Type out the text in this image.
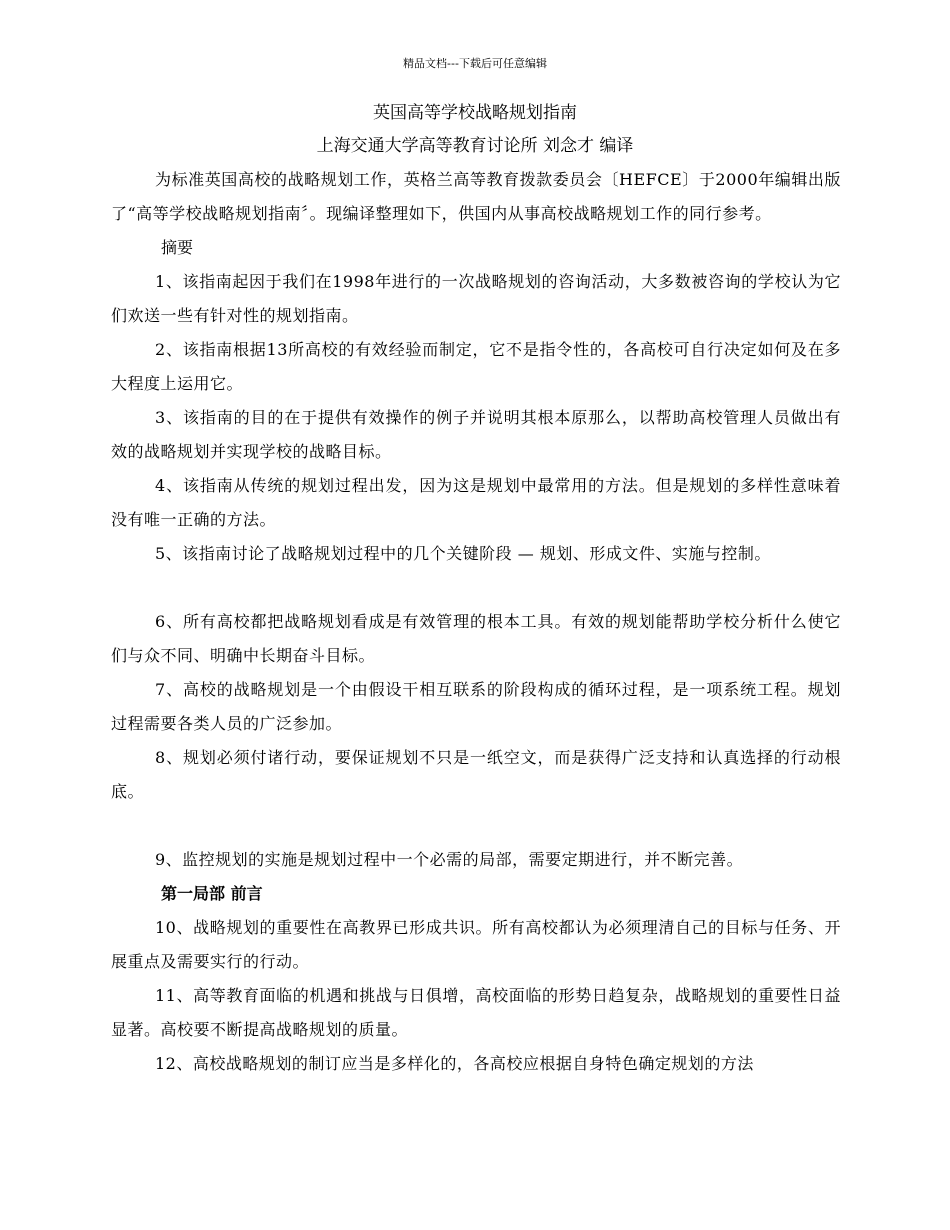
精品文档---下载后可任意编辑
英国高等学校战略规划指南
上海交通大学高等教育讨论所 刘念才 编译

为标准英国高校的战略规划工作，英格兰高等教育拨款委员会〔HEFCE〕于2000年编辑出版了“高等学校战略规划指南〞。现编译整理如下，供国内从事高校战略规划工作的同行参考。

摘要

1、该指南起因于我们在1998年进行的一次战略规划的咨询活动，大多数被咨询的学校认为它们欢送一些有针对性的规划指南。

2、该指南根据13所高校的有效经验而制定，它不是指令性的，各高校可自行决定如何及在多大程度上运用它。

3、该指南的目的在于提供有效操作的例子并说明其根本原那么，以帮助高校管理人员做出有效的战略规划并实现学校的战略目标。

4、该指南从传统的规划过程出发，因为这是规划中最常用的方法。但是规划的多样性意味着没有唯一正确的方法。

5、该指南讨论了战略规划过程中的几个关键阶段 — 规划、形成文件、实施与控制。

6、所有高校都把战略规划看成是有效管理的根本工具。有效的规划能帮助学校分析什么使它们与众不同、明确中长期奋斗目标。

7、高校的战略规划是一个由假设干相互联系的阶段构成的循环过程，是一项系统工程。规划过程需要各类人员的广泛参加。

8、规划必须付诸行动，要保证规划不只是一纸空文，而是获得广泛支持和认真选择的行动根底。

9、监控规划的实施是规划过程中一个必需的局部，需要定期进行，并不断完善。

第一局部 前言

10、战略规划的重要性在高教界已形成共识。所有高校都认为必须理清自己的目标与任务、开展重点及需要实行的行动。

11、高等教育面临的机遇和挑战与日俱增，高校面临的形势日趋复杂，战略规划的重要性日益显著。高校要不断提高战略规划的质量。

12、高校战略规划的制订应当是多样化的，各高校应根据自身特色确定规划的方法
